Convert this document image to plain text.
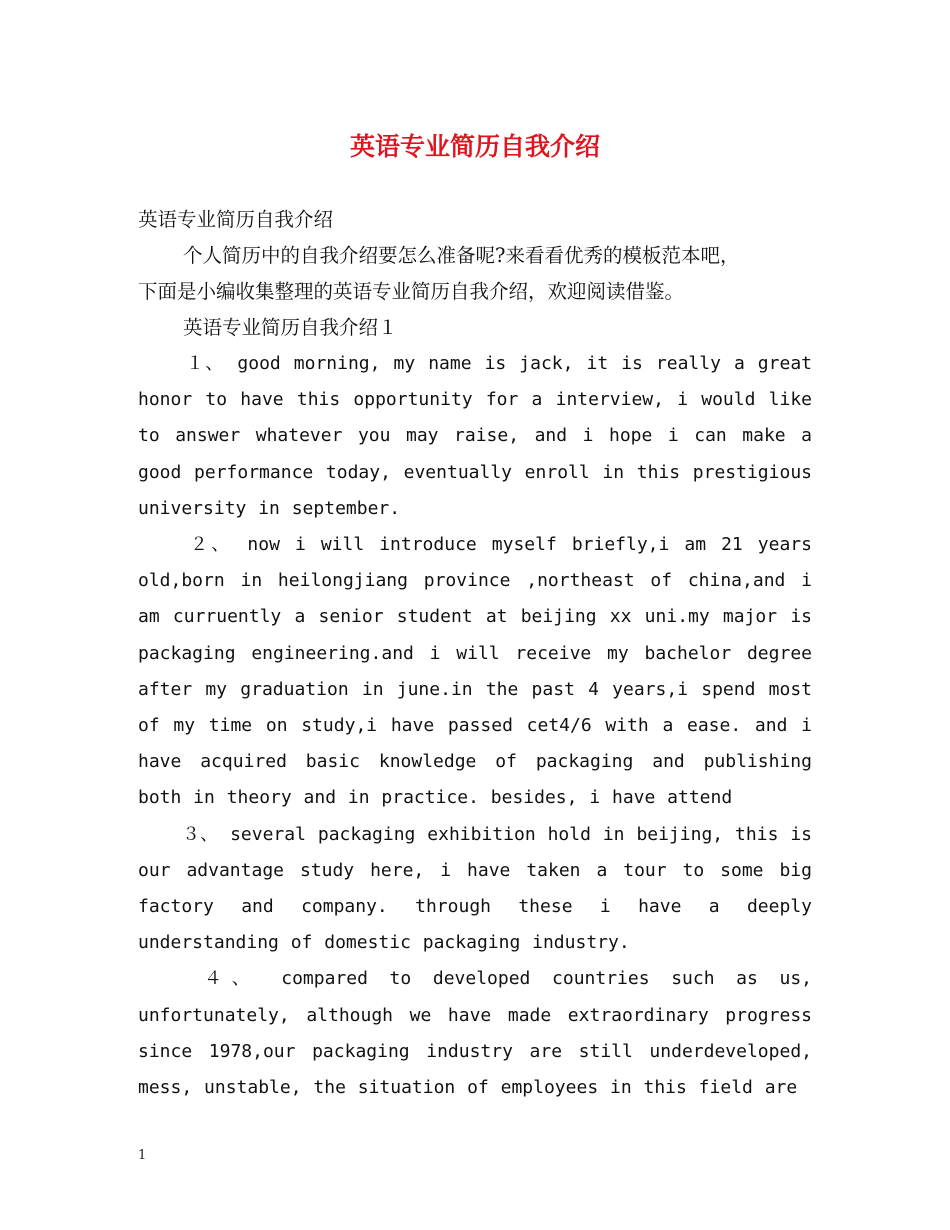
英语专业简历自我介绍

英语专业简历自我介绍

个人简历中的自我介绍要怎么准备呢?来看看优秀的模板范本吧，

下面是小编收集整理的英语专业简历自我介绍，欢迎阅读借鉴。

英语专业简历自我介绍１

１、 good morning, my name is jack, it is really a great honor to have this opportunity for a interview, i would like to answer whatever you may raise, and i hope i can make a good performance today, eventually enroll in this prestigious university in september.

２、 now i will introduce myself briefly,i am 21 years old,born in heilongjiang province ,northeast of china,and i am curruently a senior student at beijing xx uni.my major is packaging engineering.and i will receive my bachelor degree after my graduation in june.in the past 4 years,i spend most of my time on study,i have passed cet4/6 with a ease. and i have acquired basic knowledge of packaging and publishing both in theory and in practice. besides, i have attend

３、 several packaging exhibition hold in beijing, this is our advantage study here, i have taken a tour to some big factory and company. through these i have a deeply understanding of domestic packaging industry.

４、 compared to developed countries such as us, unfortunately, although we have made extraordinary progress since 1978,our packaging industry are still underdeveloped, mess, unstable, the situation of employees in this field are

1
